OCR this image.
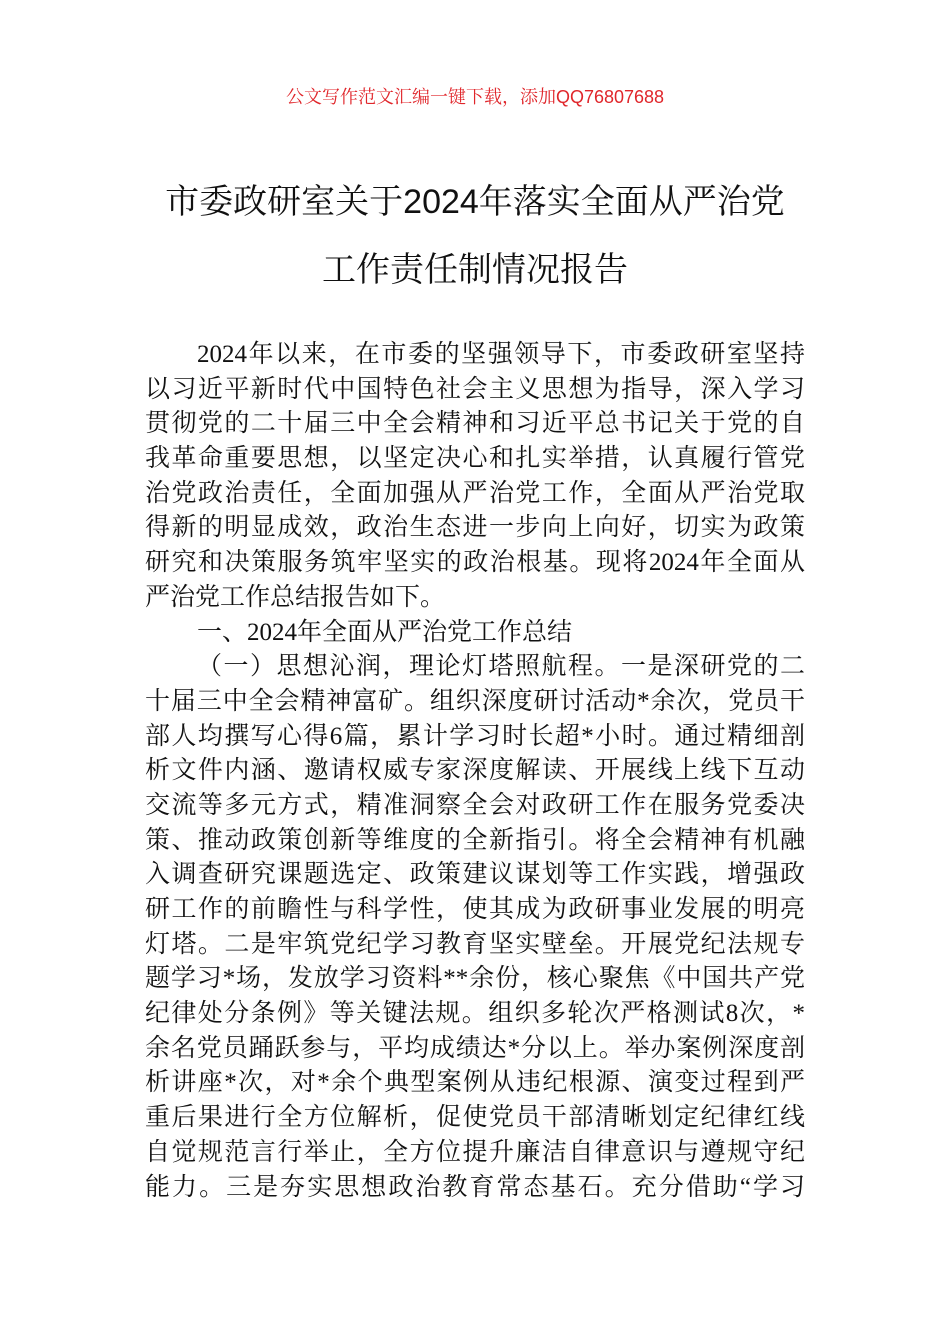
公文写作范文汇编一键下载，添加QQ76807688
市委政研室关于2024年落实全面从严治党
工作责任制情况报告
2024年以来，在市委的坚强领导下，市委政研室坚持
以习近平新时代中国特色社会主义思想为指导，深入学习
贯彻党的二十届三中全会精神和习近平总书记关于党的自
我革命重要思想，以坚定决心和扎实举措，认真履行管党
治党政治责任，全面加强从严治党工作，全面从严治党取
得新的明显成效，政治生态进一步向上向好，切实为政策
研究和决策服务筑牢坚实的政治根基。现将2024年全面从
严治党工作总结报告如下。
一、2024年全面从严治党工作总结
（一）思想沁润，理论灯塔照航程。一是深研党的二
十届三中全会精神富矿。组织深度研讨活动*余次，党员干
部人均撰写心得6篇，累计学习时长超*小时。通过精细剖
析文件内涵、邀请权威专家深度解读、开展线上线下互动
交流等多元方式，精准洞察全会对政研工作在服务党委决
策、推动政策创新等维度的全新指引。将全会精神有机融
入调查研究课题选定、政策建议谋划等工作实践，增强政
研工作的前瞻性与科学性，使其成为政研事业发展的明亮
灯塔。二是牢筑党纪学习教育坚实壁垒。开展党纪法规专
题学习*场，发放学习资料**余份，核心聚焦《中国共产党
纪律处分条例》等关键法规。组织多轮次严格测试8次，*
余名党员踊跃参与，平均成绩达*分以上。举办案例深度剖
析讲座*次，对*余个典型案例从违纪根源、演变过程到严
重后果进行全方位解析，促使党员干部清晰划定纪律红线
自觉规范言行举止，全方位提升廉洁自律意识与遵规守纪
能力。三是夯实思想政治教育常态基石。充分借助“学习
